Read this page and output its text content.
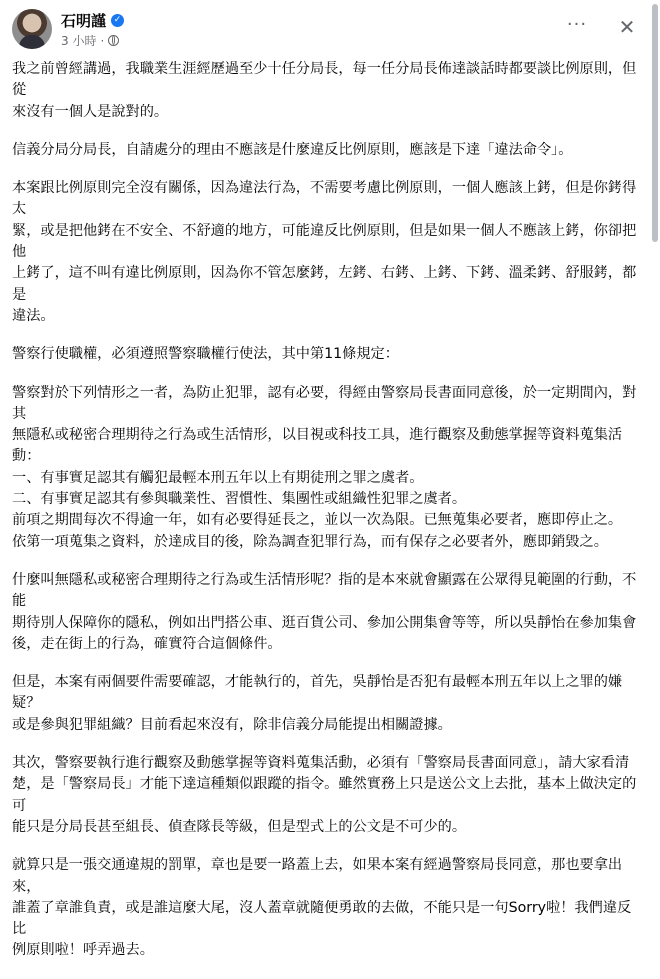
石明謹 ✓
3 小時 ·
···	✕

我之前曾經講過，我職業生涯經歷過至少十任分局長，每一任分局長佈達談話時都要談比例原則，但從
來沒有一個人是說對的。

信義分局分局長，自請處分的理由不應該是什麼違反比例原則，應該是下達「違法命令」。

本案跟比例原則完全沒有關係，因為違法行為，不需要考慮比例原則，一個人應該上銬，但是你銬得太
緊，或是把他銬在不安全、不舒適的地方，可能違反比例原則，但是如果一個人不應該上銬，你卻把他
上銬了，這不叫有違比例原則，因為你不管怎麼銬，左銬、右銬、上銬、下銬、溫柔銬、舒服銬，都是
違法。

警察行使職權，必須遵照警察職權行使法，其中第11條規定：

警察對於下列情形之一者，為防止犯罪，認有必要，得經由警察局長書面同意後，於一定期間內，對其
無隱私或秘密合理期待之行為或生活情形，以目視或科技工具，進行觀察及動態掌握等資料蒐集活動：
一、有事實足認其有觸犯最輕本刑五年以上有期徒刑之罪之虞者。
二、有事實足認其有參與職業性、習慣性、集團性或組織性犯罪之虞者。
前項之期間每次不得逾一年，如有必要得延長之，並以一次為限。已無蒐集必要者，應即停止之。
依第一項蒐集之資料，於達成目的後，除為調查犯罪行為，而有保存之必要者外，應即銷毀之。

什麼叫無隱私或秘密合理期待之行為或生活情形呢？指的是本來就會顯露在公眾得見範圍的行動，不能
期待別人保障你的隱私，例如出門搭公車、逛百貨公司、參加公開集會等等，所以吳靜怡在參加集會
後，走在街上的行為，確實符合這個條件。

但是，本案有兩個要件需要確認，才能執行的，首先，吳靜怡是否犯有最輕本刑五年以上之罪的嫌疑？
或是參與犯罪組織？目前看起來沒有，除非信義分局能提出相關證據。

其次，警察要執行進行觀察及動態掌握等資料蒐集活動，必須有「警察局長書面同意」，請大家看清
楚，是「警察局長」才能下達這種類似跟蹤的指令。雖然實務上只是送公文上去批，基本上做決定的可
能只是分局長甚至組長、偵查隊長等級，但是型式上的公文是不可少的。

就算只是一張交通違規的罰單，章也是要一路蓋上去，如果本案有經過警察局長同意，那也要拿出來，
誰蓋了章誰負責，或是誰這麼大尾，沒人蓋章就隨便勇敢的去做，不能只是一句Sorry啦！我們違反比
例原則啦！呼弄過去。
